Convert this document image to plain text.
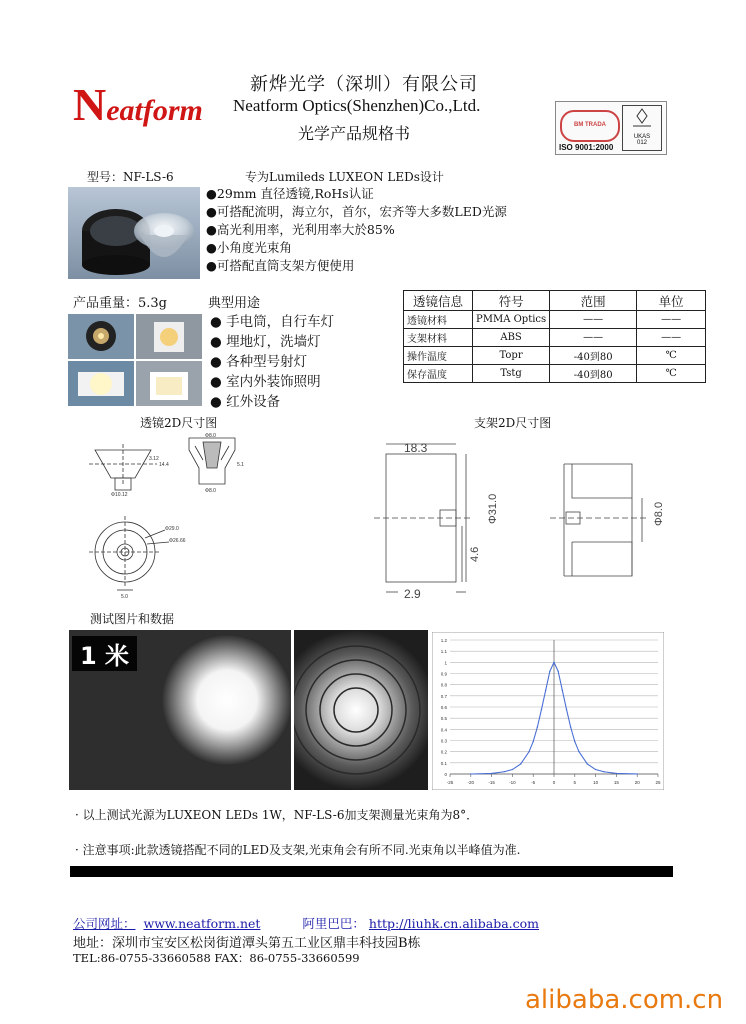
Neatform
新烨光学（深圳）有限公司
Neatform Optics(Shenzhen)Co.,Ltd.
光学产品规格书	BM TRADA
UKAS
012
ISO 9001:2000
型号：NF-LS-6	专为Lumileds LUXEON LEDs设计
●29mm 直径透镜,RoHs认证
●可搭配流明，海立尔，首尔，宏齐等大多数LED光源
●高光利用率，光利用率大於85%
●小角度光束角
●可搭配直筒支架方便使用
产品重量：5.3g	典型用途
● 手电筒，自行车灯
● 埋地灯，洗墙灯
● 各种型号射灯
● 室内外装饰照明
● 红外设备
透镜信息	符号	范围	单位
透镜材料	PMMA Optics	——	——
支架材料	ABS	——	——
操作温度	Topr	-40到80	℃
保存温度	Tstg	-40到80	℃
透镜2D尺寸图	支架2D尺寸图
3.12
14.4	5.1
Φ8.0
Φ10.12
Φ8.0
Φ29.0
Φ26.66
5.0
18.3
Φ31.0
4.6
2.9
Φ8.0
测试图片和数据
1 米
0
0.1
0.2
0.3
0.4
0.5
0.6
0.7
0.8
0.9
1
1.1
1.2
-25	-20	-15	-10	-5	0	5	10	15	20	25
· 以上测试光源为LUXEON LEDs 1W，NF-LS-6加支架测量光束角为8°．
· 注意事项:此款透镜搭配不同的LED及支架,光束角会有所不同.光束角以半峰值为准.
公司网址： www.neatform.net	阿里巴巴： http://liuhk.cn.alibaba.com
地址：深圳市宝安区松岗街道潭头第五工业区鼎丰科技园B栋
TEL:86-0755-33660588 FAX：86-0755-33660599
alibaba.com.cn
